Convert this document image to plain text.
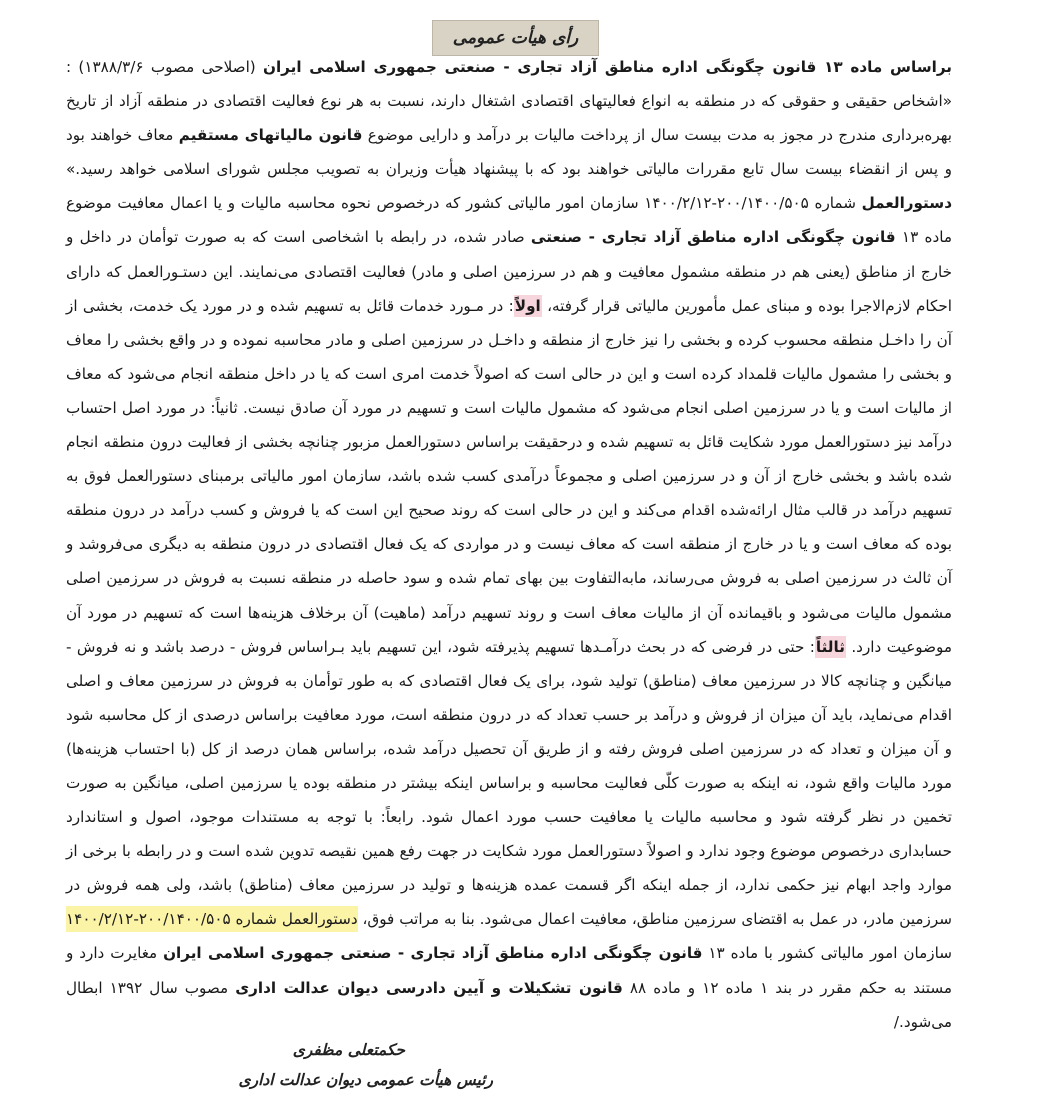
رأی هیأت عمومی
براساس ماده ۱۳ قانون چگونگی اداره مناطق آزاد تجاری - صنعتی جمهوری اسلامی ایران (اصلاحی مصوب ۱۳۸۸/۳/۶) : «اشخاص حقیقی و حقوقی که در منطقه به انواع فعالیتهای اقتصادی اشتغال دارند، نسبت به هر نوع فعالیت اقتصادی در منطقه آزاد از تاریخ بهره‌برداری مندرج در مجوز به مدت بیست سال از پرداخت مالیات بر درآمد و دارایی موضوع قانون مالیاتهای مستقیم معاف خواهند بود و پس از انقضاء بیست سال تابع مقررات مالیاتی خواهند بود که با پیشنهاد هیأت وزیران به تصویب مجلس شورای اسلامی خواهد رسید.» دستورالعمل شماره ۲۰۰/۱۴۰۰/۵۰۵-۱۴۰۰/۲/۱۲ سازمان امور مالیاتی کشور که درخصوص نحوه محاسبه مالیات و یا اعمال معافیت موضوع ماده ۱۳ قانون چگونگی اداره مناطق آزاد تجاری - صنعتی صادر شده، در رابطه با اشخاصی است که به صورت توأمان در داخل و خارج از مناطق (یعنی هم در منطقه مشمول معافیت و هم در سرزمین اصلی و مادر) فعالیت اقتصادی می‌نمایند. این دستـورالعمل که دارای احکام لازم‌الاجرا بوده و مبنای عمل مأمورین مالیاتی قرار گرفته، اولاً: در مـورد خدمات قائل به تسهیم شده و در مورد یک خدمت، بخشی از آن را داخـل منطقه محسوب کرده و بخشی را نیز خارج از منطقه و داخـل در سرزمین اصلی و مادر محاسبه نموده و در واقع بخشی را معاف و بخشی را مشمول مالیات قلمداد کرده است و این در حالی است که اصولاً خدمت امری است که یا در داخل منطقه انجام می‌شود که معاف از مالیات است و یا در سرزمین اصلی انجام می‌شود که مشمول مالیات است و تسهیم در مورد آن صادق نیست. ثانیاً: در مورد اصل احتساب درآمد نیز دستورالعمل مورد شکایت قائل به تسهیم شده و درحقیقت براساس دستورالعمل مزبور چنانچه بخشی از فعالیت درون منطقه انجام شده باشد و بخشی خارج از آن و در سرزمین اصلی و مجموعاً درآمدی کسب شده باشد، سازمان امور مالیاتی برمبنای دستورالعمل فوق به تسهیم درآمد در قالب مثال ارائه‌شده اقدام می‌کند و این در حالی است که روند صحیح این است که یا فروش و کسب درآمد در درون منطقه بوده که معاف است و یا در خارج از منطقه است که معاف نیست و در مواردی که یک فعال اقتصادی در درون منطقه به دیگری می‌فروشد و آن ثالث در سرزمین اصلی به فروش می‌رساند، مابه‌التفاوت بین بهای تمام شده و سود حاصله در منطقه نسبت به فروش در سرزمین اصلی مشمول مالیات می‌شود و باقیمانده آن از مالیات معاف است و روند تسهیم درآمد (ماهیت) آن برخلاف هزینه‌ها است که تسهیم در مورد آن موضوعیت دارد. ثالثاً: حتی در فرضی که در بحث درآمـدها تسهیم پذیرفته شود، این تسهیم باید بـراساس فروش - درصد باشد و نه فروش - میانگین و چنانچه کالا در سرزمین معاف (مناطق) تولید شود، برای یک فعال اقتصادی که به طور توأمان به فروش در سرزمین معاف و اصلی اقدام می‌نماید، باید آن میزان از فروش و درآمد بر حسب تعداد که در درون منطقه است، مورد معافیت براساس درصدی از کل محاسبه شود و آن میزان و تعداد که در سرزمین اصلی فروش رفته و از طریق آن تحصیل درآمد شده، براساس همان درصد از کل (با احتساب هزینه‌ها) مورد مالیات واقع شود، نه اینکه به صورت کلّی فعالیت محاسبه و براساس اینکه بیشتر در منطقه بوده یا سرزمین اصلی، میانگین به صورت تخمین در نظر گرفته شود و محاسبه مالیات یا معافیت حسب مورد اعمال شود. رابعاً: با توجه به مستندات موجود، اصول و استاندارد حسابداری درخصوص موضوع وجود ندارد و اصولاً دستورالعمل مورد شکایت در جهت رفع همین نقیصه تدوین شده است و در رابطه با برخی از موارد واجد ابهام نیز حکمی ندارد، از جمله اینکه اگر قسمت عمده هزینه‌ها و تولید در سرزمین معاف (مناطق) باشد، ولی همه فروش در سرزمین مادر، در عمل به اقتضای سرزمین مناطق، معافیت اعمال می‌شود. بنا به مراتب فوق، دستورالعمل شماره ۲۰۰/۱۴۰۰/۵۰۵-۱۴۰۰/۲/۱۲ سازمان امور مالیاتی کشور با ماده ۱۳ قانون چگونگی اداره مناطق آزاد تجاری - صنعتی جمهوری اسلامی ایران مغایرت دارد و مستند به حکم مقرر در بند ۱ ماده ۱۲ و ماده ۸۸ قانون تشکیلات و آیین دادرسی دیوان عدالت اداری مصوب سال ۱۳۹۲ ابطال می‌شود./
حکمتعلی مظفری
رئیس هیأت عمومی دیوان عدالت اداری
